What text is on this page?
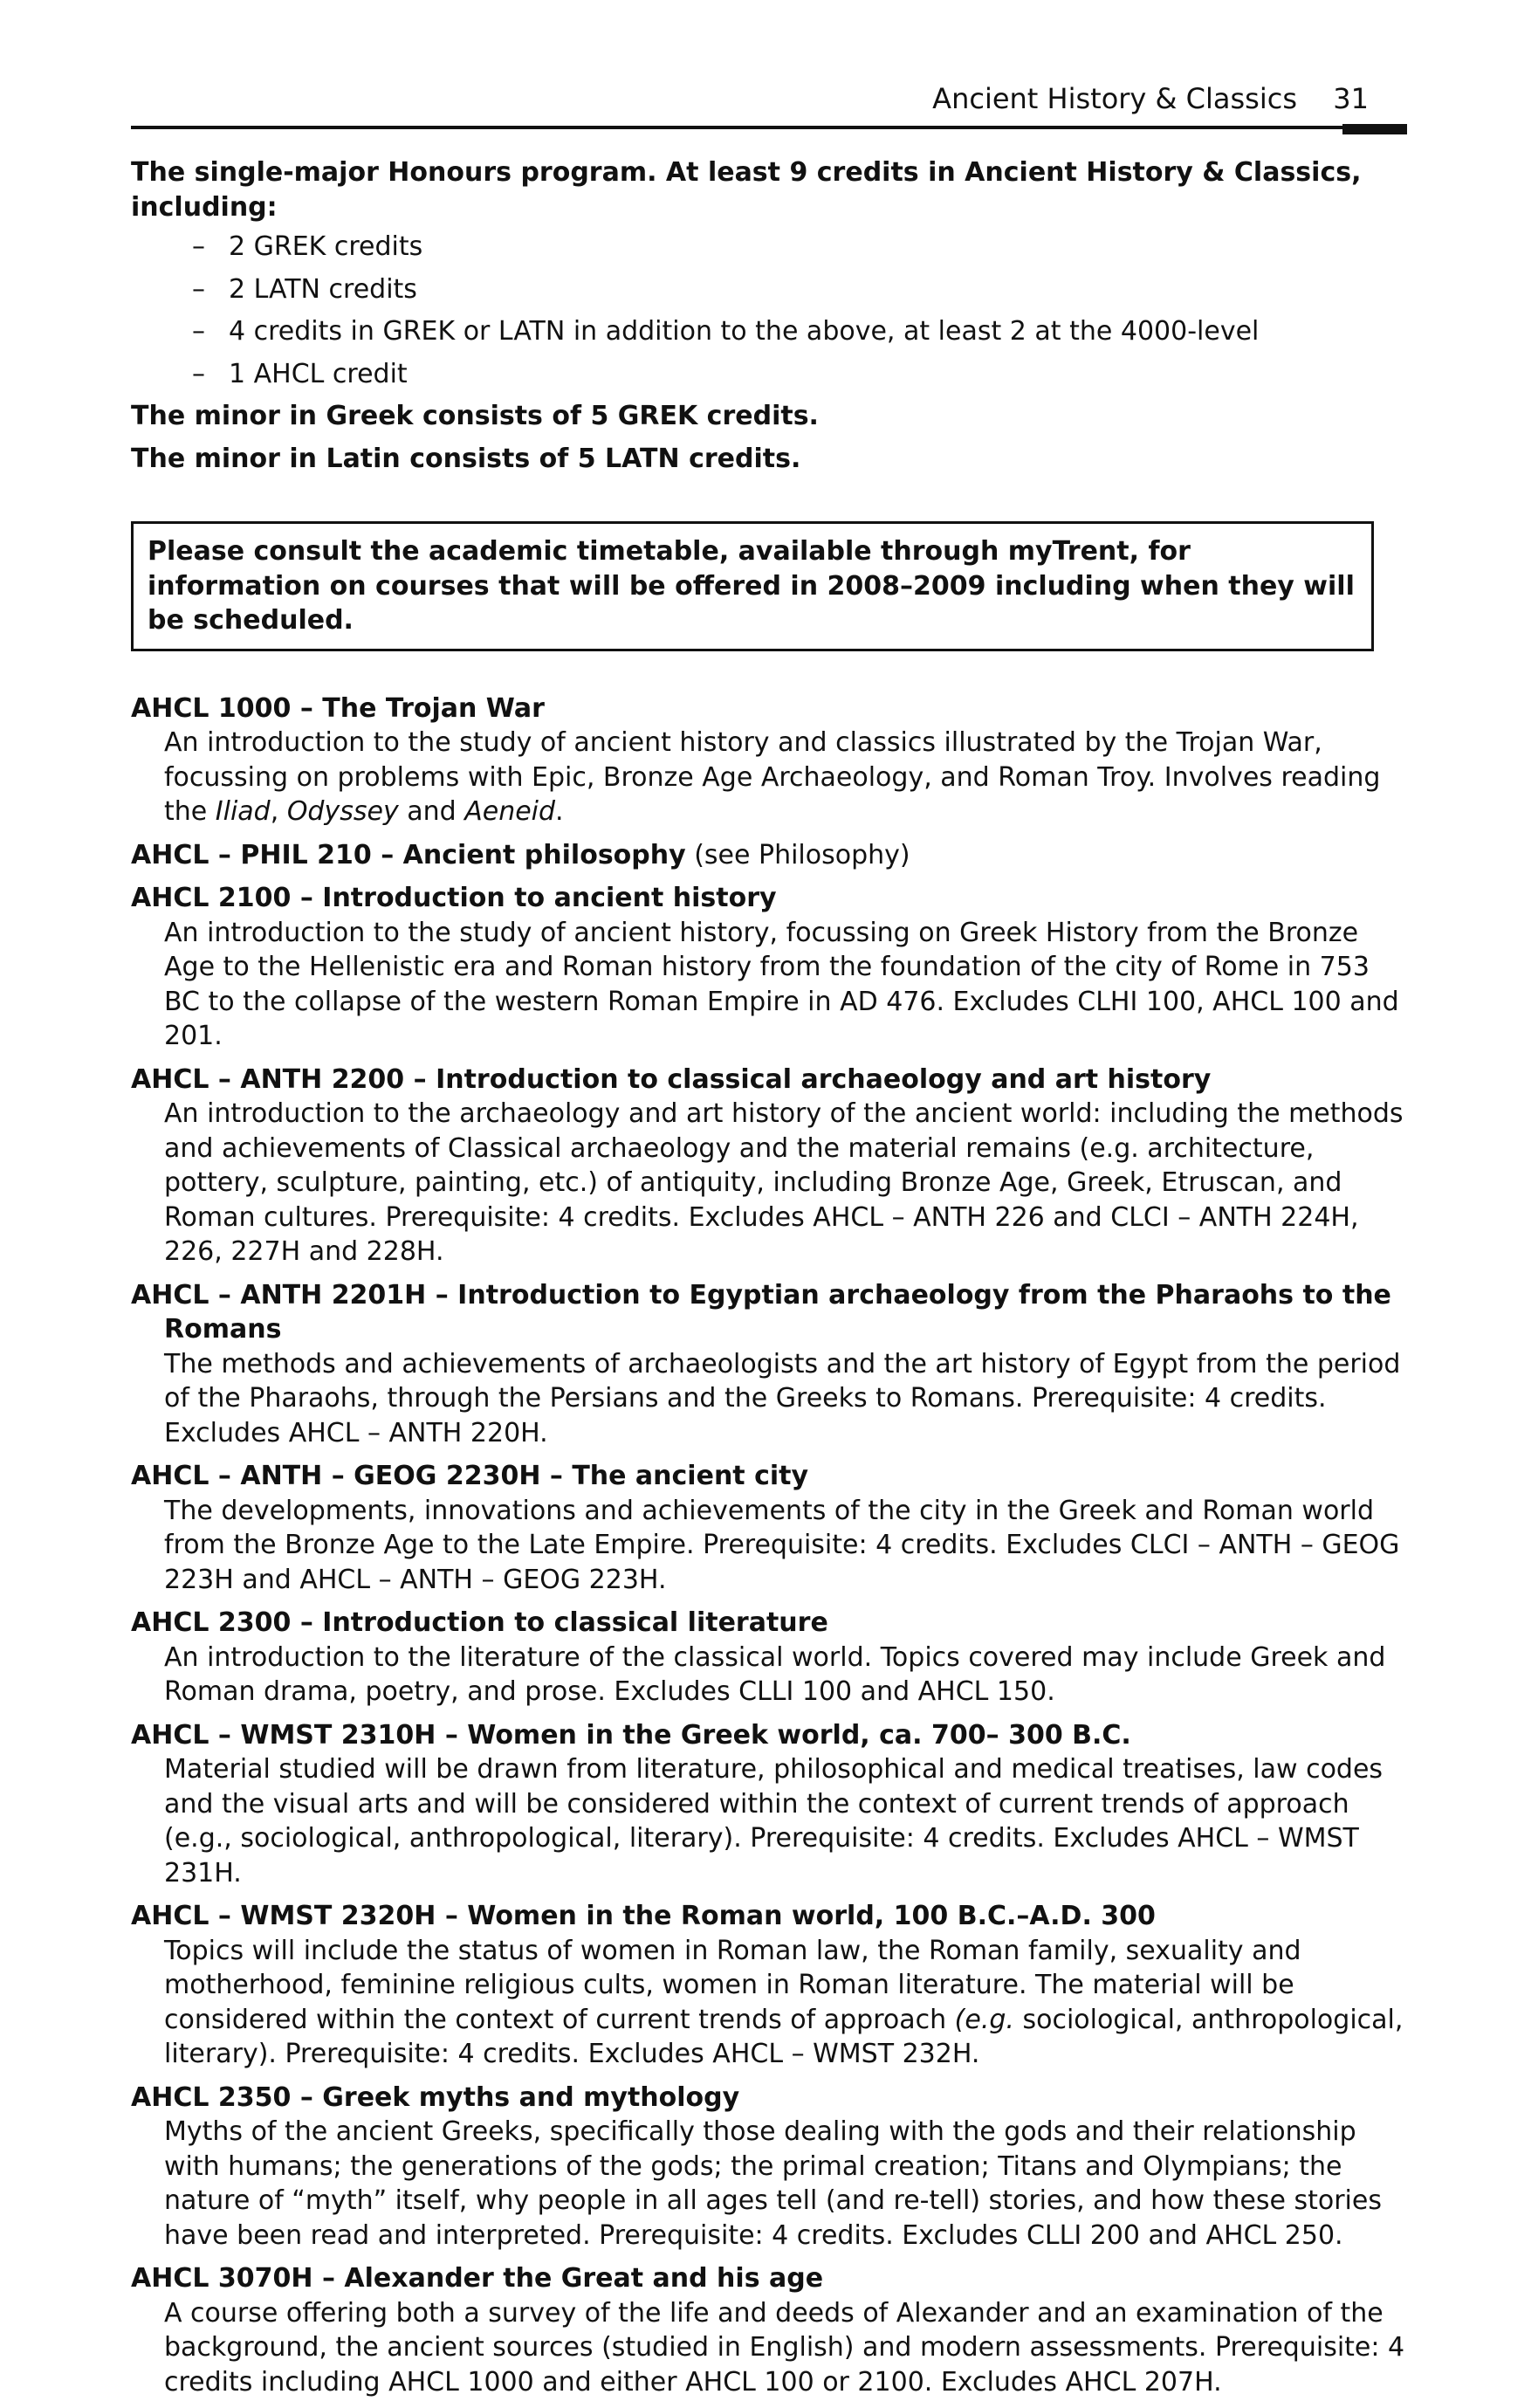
Ancient History & Classics 31

The single-major Honours program. At least 9 credits in Ancient History & Classics, including:

– 2 GREK credits
– 2 LATN credits
– 4 credits in GREK or LATN in addition to the above, at least 2 at the 4000-level
– 1 AHCL credit

The minor in Greek consists of 5 GREK credits.

The minor in Latin consists of 5 LATN credits.

Please consult the academic timetable, available through myTrent, for information on courses that will be offered in 2008–2009 including when they will be scheduled.
AHCL 1000 – The Trojan War
An introduction to the study of ancient history and classics illustrated by the Trojan War, focussing on problems with Epic, Bronze Age Archaeology, and Roman Troy. Involves reading the Iliad, Odyssey and Aeneid.
AHCL – PHIL 210 – Ancient philosophy (see Philosophy)
AHCL 2100 – Introduction to ancient history
An introduction to the study of ancient history, focussing on Greek History from the Bronze Age to the Hellenistic era and Roman history from the foundation of the city of Rome in 753 BC to the collapse of the western Roman Empire in AD 476. Excludes CLHI 100, AHCL 100 and 201.
AHCL – ANTH 2200 – Introduction to classical archaeology and art history
An introduction to the archaeology and art history of the ancient world: including the methods and achievements of Classical archaeology and the material remains (e.g. architecture, pottery, sculpture, painting, etc.) of antiquity, including Bronze Age, Greek, Etruscan, and Roman cultures. Prerequisite: 4 credits. Excludes AHCL – ANTH 226 and CLCI – ANTH 224H, 226, 227H and 228H.
AHCL – ANTH 2201H – Introduction to Egyptian archaeology from the Pharaohs to the
Romans
The methods and achievements of archaeologists and the art history of Egypt from the period of the Pharaohs, through the Persians and the Greeks to Romans. Prerequisite: 4 credits. Excludes AHCL – ANTH 220H.
AHCL – ANTH – GEOG 2230H – The ancient city
The developments, innovations and achievements of the city in the Greek and Roman world from the Bronze Age to the Late Empire. Prerequisite: 4 credits. Excludes CLCI – ANTH – GEOG 223H and AHCL – ANTH – GEOG 223H.
AHCL 2300 – Introduction to classical literature
An introduction to the literature of the classical world. Topics covered may include Greek and Roman drama, poetry, and prose. Excludes CLLI 100 and AHCL 150.
AHCL – WMST 2310H – Women in the Greek world, ca. 700– 300 B.C.
Material studied will be drawn from literature, philosophical and medical treatises, law codes and the visual arts and will be considered within the context of current trends of approach (e.g., sociological, anthropological, literary). Prerequisite: 4 credits. Excludes AHCL – WMST 231H.
AHCL – WMST 2320H – Women in the Roman world, 100 B.C.–A.D. 300
Topics will include the status of women in Roman law, the Roman family, sexuality and motherhood, feminine religious cults, women in Roman literature. The material will be considered within the context of current trends of approach (e.g. sociological, anthropological, literary). Prerequisite: 4 credits. Excludes AHCL – WMST 232H.
AHCL 2350 – Greek myths and mythology
Myths of the ancient Greeks, specifically those dealing with the gods and their relationship with humans; the generations of the gods; the primal creation; Titans and Olympians; the nature of “myth” itself, why people in all ages tell (and re-tell) stories, and how these stories have been read and interpreted. Prerequisite: 4 credits. Excludes CLLI 200 and AHCL 250.
AHCL 3070H – Alexander the Great and his age
A course offering both a survey of the life and deeds of Alexander and an examination of the background, the ancient sources (studied in English) and modern assessments. Prerequisite: 4 credits including AHCL 1000 and either AHCL 100 or 2100. Excludes AHCL 207H.
